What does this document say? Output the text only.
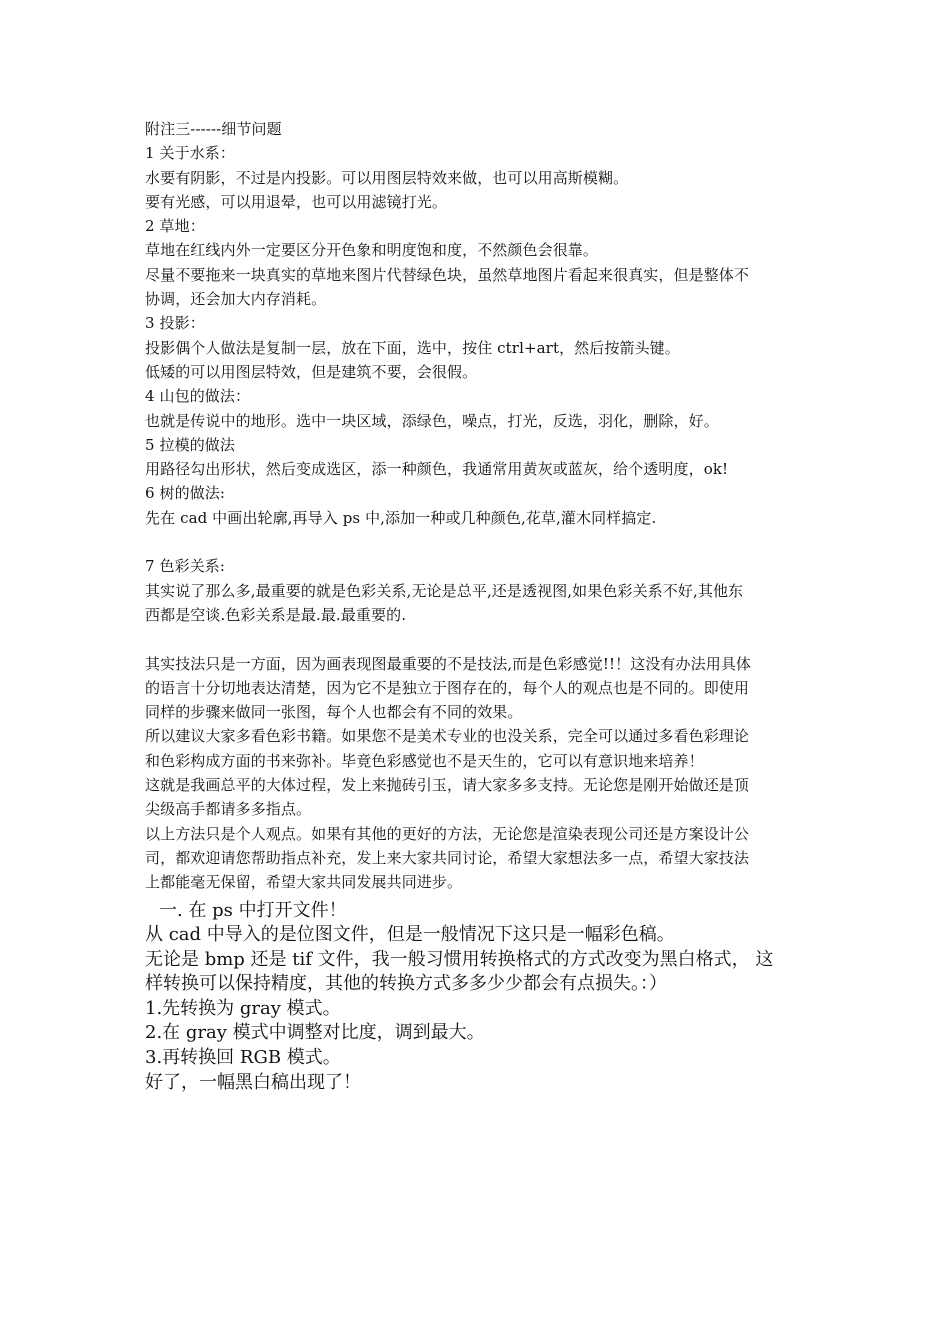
附注三------细节问题

1 关于水系：

水要有阴影，不过是内投影。可以用图层特效来做，也可以用高斯模糊。

要有光感，可以用退晕，也可以用滤镜打光。

2 草地：

草地在红线内外一定要区分开色象和明度饱和度，不然颜色会很靠。

尽量不要拖来一块真实的草地来图片代替绿色块，虽然草地图片看起来很真实，但是整体不

协调，还会加大内存消耗。

3 投影：

投影偶个人做法是复制一层，放在下面，选中，按住 ctrl+art，然后按箭头键。

低矮的可以用图层特效，但是建筑不要，会很假。

4 山包的做法：

也就是传说中的地形。选中一块区域，添绿色，噪点，打光，反选，羽化，删除，好。

5 拉模的做法

用路径勾出形状，然后变成选区，添一种颜色，我通常用黄灰或蓝灰，给个透明度，ok!

6 树的做法:

先在 cad 中画出轮廓,再导入 ps 中,添加一种或几种颜色,花草,灌木同样搞定.

7 色彩关系:

其实说了那么多,最重要的就是色彩关系,无论是总平,还是透视图,如果色彩关系不好,其他东

西都是空谈.色彩关系是最.最.最重要的.

其实技法只是一方面，因为画表现图最重要的不是技法,而是色彩感觉!!！这没有办法用具体

的语言十分切地表达清楚，因为它不是独立于图存在的，每个人的观点也是不同的。即使用

同样的步骤来做同一张图，每个人也都会有不同的效果。

所以建议大家多看色彩书籍。如果您不是美术专业的也没关系，完全可以通过多看色彩理论

和色彩构成方面的书来弥补。毕竟色彩感觉也不是天生的，它可以有意识地来培养！

这就是我画总平的大体过程，发上来抛砖引玉，请大家多多支持。无论您是刚开始做还是顶

尖级高手都请多多指点。

以上方法只是个人观点。如果有其他的更好的方法，无论您是渲染表现公司还是方案设计公

司，都欢迎请您帮助指点补充，发上来大家共同讨论，希望大家想法多一点，希望大家技法

上都能毫无保留，希望大家共同发展共同进步。

一. 在 ps 中打开文件！

从 cad 中导入的是位图文件，但是一般情况下这只是一幅彩色稿。

无论是 bmp 还是 tif 文件，我一般习惯用转换格式的方式改变为黑白格式， 这

样转换可以保持精度，其他的转换方式多多少少都会有点损失。：）

1.先转换为 gray 模式。

2.在 gray 模式中调整对比度，调到最大。

3.再转换回 RGB 模式。

好了，一幅黑白稿出现了！
